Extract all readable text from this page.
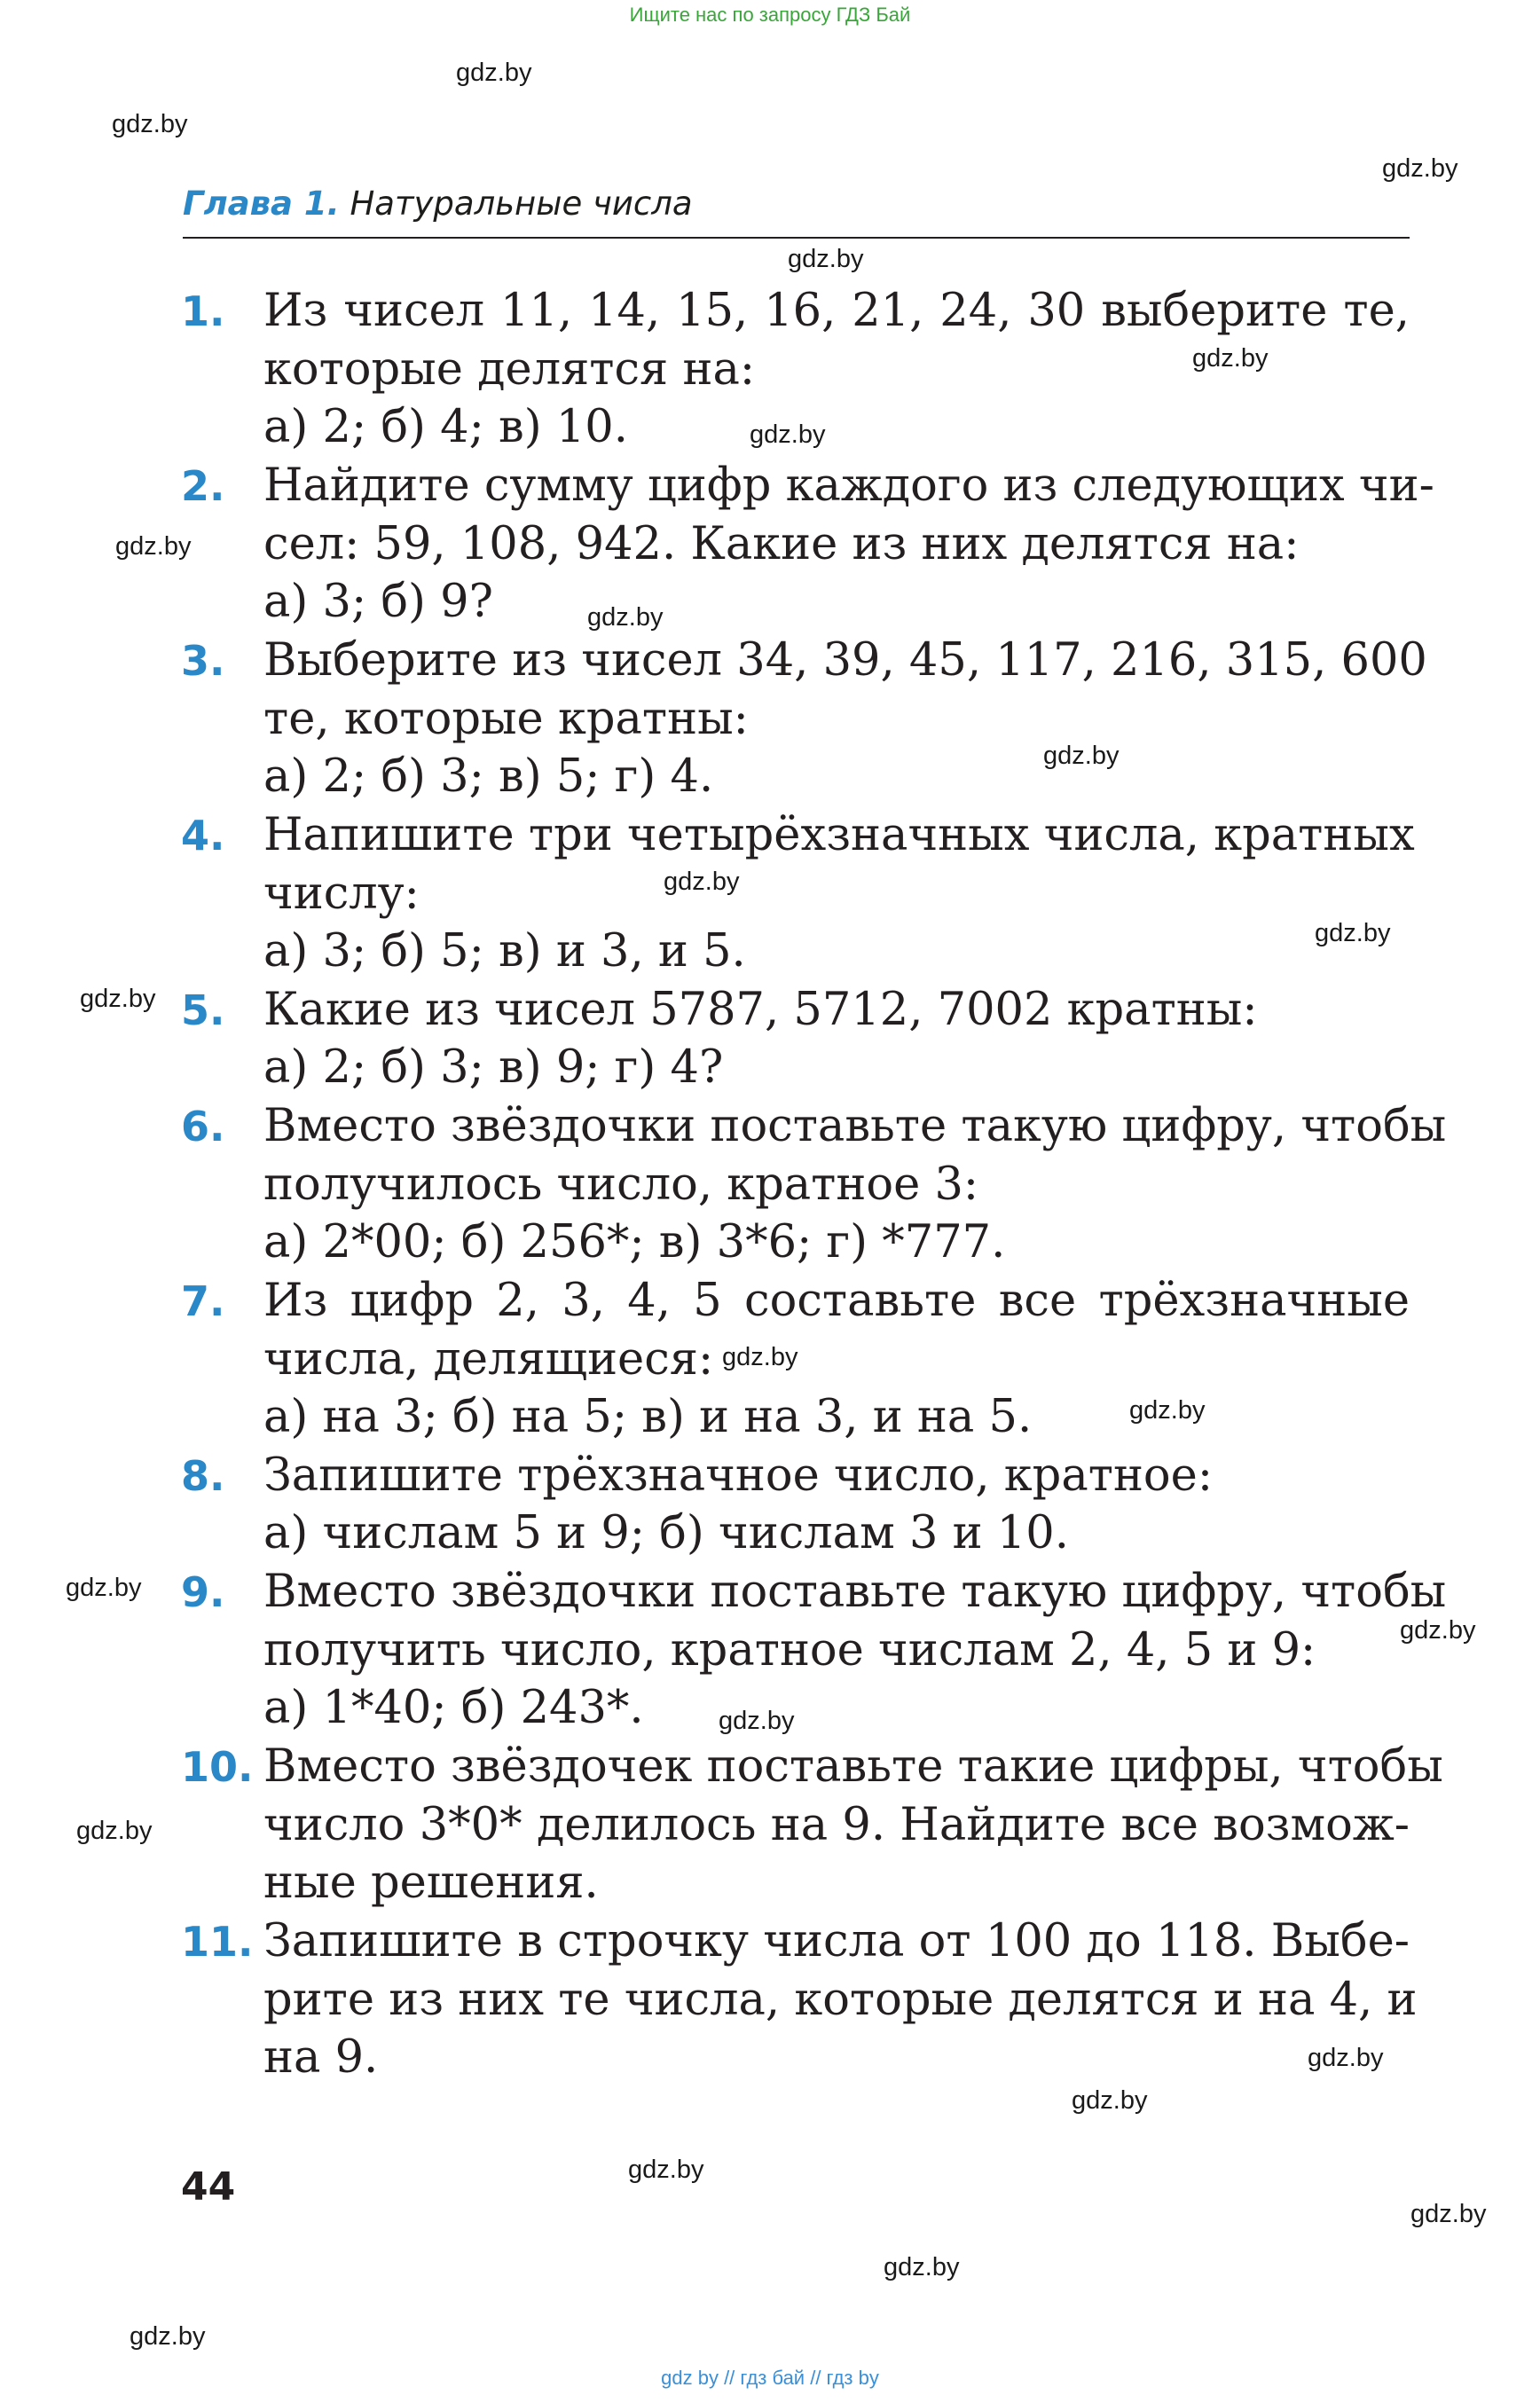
Ищите нас по запросу ГДЗ Бай
Глава 1. Натуральные числа
1. Из чисел 11, 14, 15, 16, 21, 24, 30 выберите те,
которые делятся на:
а) 2; б) 4; в) 10.
2. Найдите сумму цифр каждого из следующих чи-
сел: 59, 108, 942. Какие из них делятся на:
а) 3; б) 9?
3. Выберите из чисел 34, 39, 45, 117, 216, 315, 600
те, которые кратны:
а) 2; б) 3; в) 5; г) 4.
4. Напишите три четырёхзначных числа, кратных
числу:
а) 3; б) 5; в) и 3, и 5.
5. Какие из чисел 5787, 5712, 7002 кратны:
а) 2; б) 3; в) 9; г) 4?
6. Вместо звёздочки поставьте такую цифру, чтобы
получилось число, кратное 3:
а) 2*00; б) 256*; в) 3*6; г) *777.
7. Из цифр 2, 3, 4, 5 составьте все трёхзначные
числа, делящиеся:
а) на 3; б) на 5; в) и на 3, и на 5.
8. Запишите трёхзначное число, кратное:
а) числам 5 и 9; б) числам 3 и 10.
9. Вместо звёздочки поставьте такую цифру, чтобы
получить число, кратное числам 2, 4, 5 и 9:
а) 1*40; б) 243*.
10. Вместо звёздочек поставьте такие цифры, чтобы
число 3*0* делилось на 9. Найдите все возмож-
ные решения.
11. Запишите в строчку числа от 100 до 118. Выбе-
рите из них те числа, которые делятся и на 4, и
на 9.
44
gdz.by
gdz.by
gdz.by
gdz.by
gdz.by
gdz.by
gdz.by
gdz.by
gdz.by
gdz.by
gdz.by
gdz.by
gdz.by
gdz.by
gdz.by
gdz.by
gdz.by
gdz.by
gdz.by
gdz.by
gdz.by
gdz.by
gdz.by
gdz.by
gdz by // гдз бай // гдз by
